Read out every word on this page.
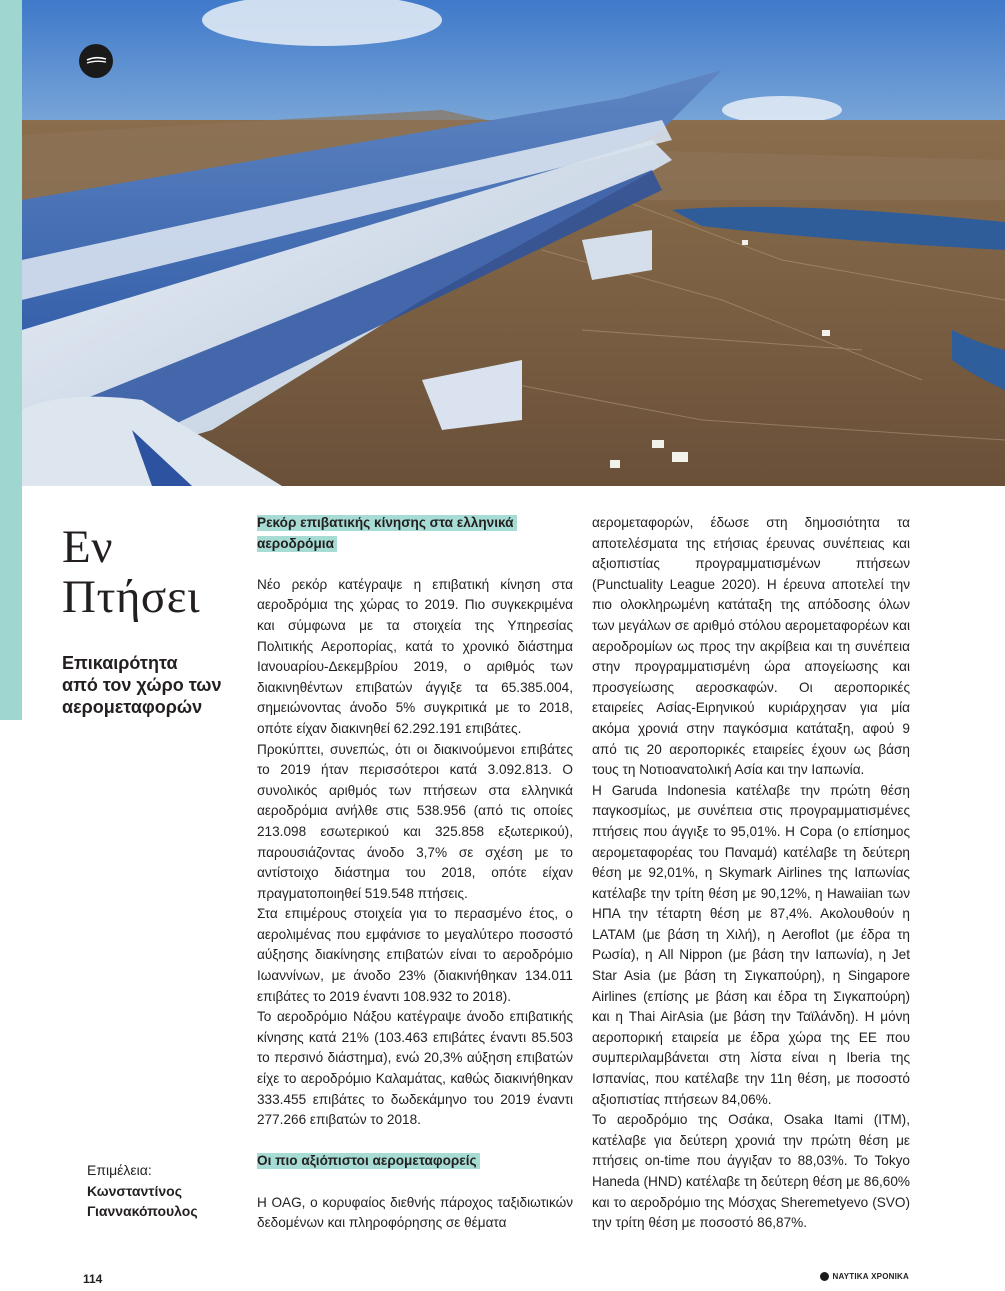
Εν
Πτήσει
Επικαιρότητα
από τον χώρο των
αερομεταφορών
Επιμέλεια:
Κωνσταντίνος
Γιαννακόπουλος
Ρεκόρ επιβατικής κίνησης στα ελληνικά αεροδρόμια

Νέο ρεκόρ κατέγραψε η επιβατική κίνηση στα αεροδρόμια της χώρας το 2019. Πιο συγκεκριμένα και σύμφωνα με τα στοιχεία της Υπηρεσίας Πολιτικής Αεροπορίας, κατά το χρονικό διάστημα Ιανουαρίου-Δεκεμβρίου 2019, ο αριθμός των διακινηθέντων επιβατών άγγιξε τα 65.385.004, σημειώνοντας άνοδο 5% συγκριτικά με το 2018, οπότε είχαν διακινηθεί 62.292.191 επιβάτες.

Προκύπτει, συνεπώς, ότι οι διακινούμενοι επιβάτες το 2019 ήταν περισσότεροι κατά 3.092.813. Ο συνολικός αριθμός των πτήσεων στα ελληνικά αεροδρόμια ανήλθε στις 538.956 (από τις οποίες 213.098 εσωτερικού και 325.858 εξωτερικού), παρουσιάζοντας άνοδο 3,7% σε σχέση με το αντίστοιχο διάστημα του 2018, οπότε είχαν πραγματοποιηθεί 519.548 πτήσεις.

Στα επιμέρους στοιχεία για το περασμένο έτος, ο αερολιμένας που εμφάνισε το μεγαλύτερο ποσοστό αύξησης διακίνησης επιβατών είναι το αεροδρόμιο Ιωαννίνων, με άνοδο 23% (διακινήθηκαν 134.011 επιβάτες το 2019 έναντι 108.932 το 2018).

Το αεροδρόμιο Νάξου κατέγραψε άνοδο επιβατικής κίνησης κατά 21% (103.463 επιβάτες έναντι 85.503 το περσινό διάστημα), ενώ 20,3% αύξηση επιβατών είχε το αεροδρόμιο Καλαμάτας, καθώς διακινήθηκαν 333.455 επιβάτες το δωδεκάμηνο του 2019 έναντι 277.266 επιβατών το 2018.

Οι πιο αξιόπιστοι αερομεταφορείς

Η OAG, ο κορυφαίος διεθνής πάροχος ταξιδιωτικών δεδομένων και πληροφόρησης σε θέματα

αερομεταφορών, έδωσε στη δημοσιότητα τα αποτελέσματα της ετήσιας έρευνας συνέπειας και αξιοπιστίας προγραμματισμένων πτήσεων (Punctuality League 2020). Η έρευνα αποτελεί την πιο ολοκληρωμένη κατάταξη της απόδοσης όλων των μεγάλων σε αριθμό στόλου αερομεταφορέων και αεροδρομίων ως προς την ακρίβεια και τη συνέπεια στην προγραμματισμένη ώρα απογείωσης και προσγείωσης αεροσκαφών. Οι αεροπορικές εταιρείες Ασίας-Ειρηνικού κυριάρχησαν για μία ακόμα χρονιά στην παγκόσμια κατάταξη, αφού 9 από τις 20 αεροπορικές εταιρείες έχουν ως βάση τους τη Νοτιοανατολική Ασία και την Ιαπωνία.

Η Garuda Indonesia κατέλαβε την πρώτη θέση παγκοσμίως, με συνέπεια στις προγραμματισμένες πτήσεις που άγγιξε το 95,01%. Η Copa (ο επίσημος αερομεταφορέας του Παναμά) κατέλαβε τη δεύτερη θέση με 92,01%, η Skymark Airlines της Ιαπωνίας κατέλαβε την τρίτη θέση με 90,12%, η Hawaiian των ΗΠΑ την τέταρτη θέση με 87,4%. Ακολουθούν η LATAM (με βάση τη Χιλή), η Aeroflot (με έδρα τη Ρωσία), η All Nippon (με βάση την Ιαπωνία), η Jet Star Asia (με βάση τη Σιγκαπούρη), η Singapore Airlines (επίσης με βάση και έδρα τη Σιγκαπούρη) και η Thai AirAsia (με βάση την Ταϊλάνδη). Η μόνη αεροπορική εταιρεία με έδρα χώρα της ΕΕ που συμπεριλαμβάνεται στη λίστα είναι η Iberia της Ισπανίας, που κατέλαβε την 11η θέση, με ποσοστό αξιοπιστίας πτήσεων 84,06%.

Το αεροδρόμιο της Οσάκα, Osaka Itami (ITM), κατέλαβε για δεύτερη χρονιά την πρώτη θέση με πτήσεις on-time που άγγιξαν το 88,03%. Το Tokyo Haneda (HND) κατέλαβε τη δεύτερη θέση με 86,60% και το αεροδρόμιο της Μόσχας Sheremetyevo (SVO) την τρίτη θέση με ποσοστό 86,87%.

114	ΝΑΥΤΙΚΑ ΧΡΟΝΙΚΑ
